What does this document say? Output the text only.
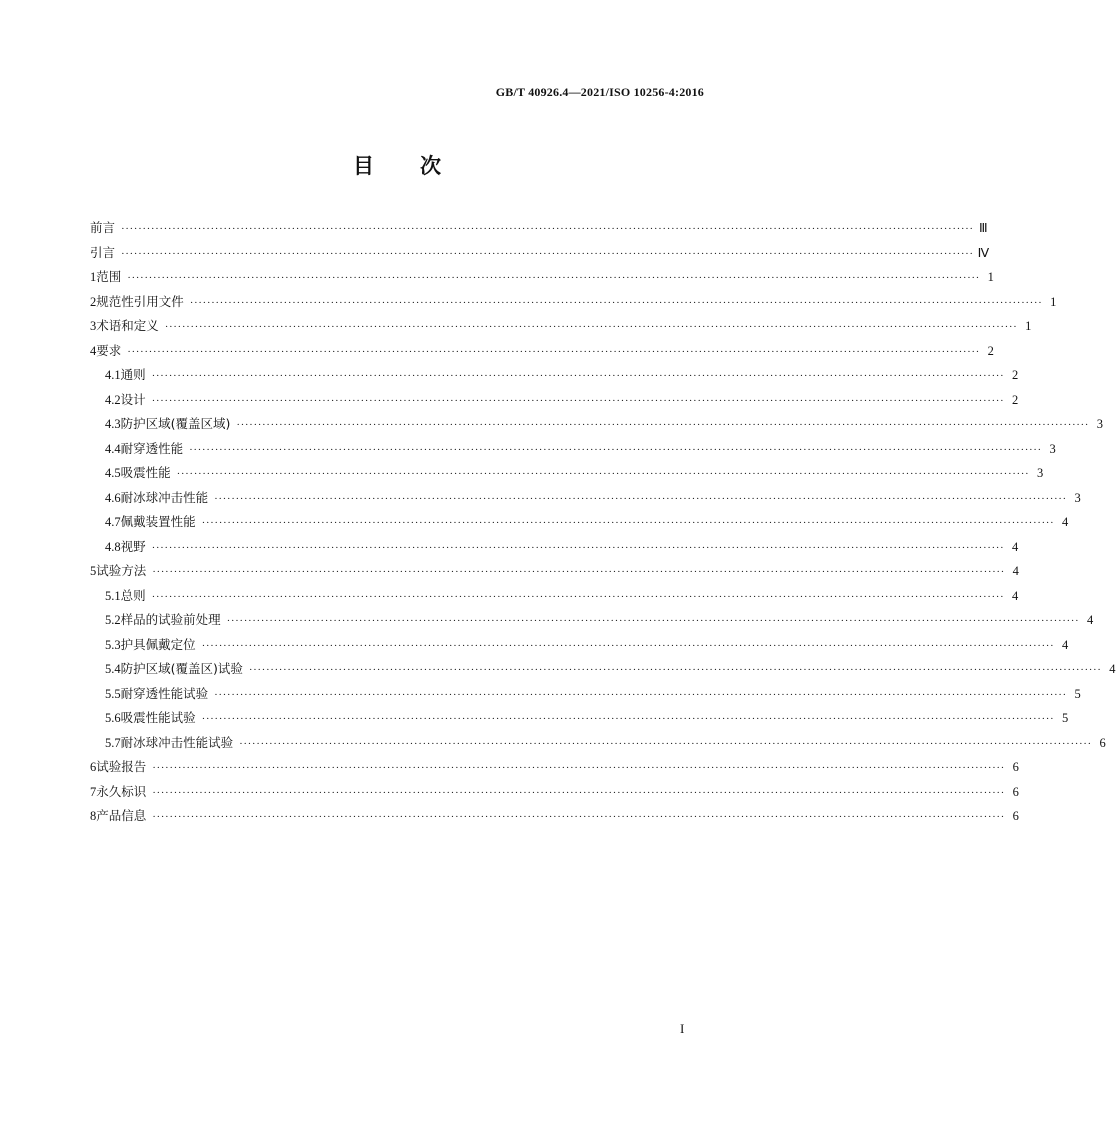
GB/T 40926.4—2021/ISO 10256-4:2016
目 次
前言 ········································································································································································································ Ⅲ
引言 ········································································································································································································ Ⅳ
1 范围 ········································································································································································································ 1
2 规范性引用文件 ········································································································································································································ 1
3 术语和定义 ········································································································································································································ 1
4 要求 ········································································································································································································ 2
4.1 通则 ········································································································································································································ 2
4.2 设计 ········································································································································································································ 2
4.3 防护区域(覆盖区域) ········································································································································································································ 3
4.4 耐穿透性能 ········································································································································································································ 3
4.5 吸震性能 ········································································································································································································ 3
4.6 耐冰球冲击性能 ········································································································································································································ 3
4.7 佩戴装置性能 ········································································································································································································ 4
4.8 视野 ········································································································································································································ 4
5 试验方法 ········································································································································································································ 4
5.1 总则 ········································································································································································································ 4
5.2 样品的试验前处理 ········································································································································································································ 4
5.3 护具佩戴定位 ········································································································································································································ 4
5.4 防护区域(覆盖区)试验 ········································································································································································································ 4
5.5 耐穿透性能试验 ········································································································································································································ 5
5.6 吸震性能试验 ········································································································································································································ 5
5.7 耐冰球冲击性能试验 ········································································································································································································ 6
6 试验报告 ········································································································································································································ 6
7 永久标识 ········································································································································································································ 6
8 产品信息 ········································································································································································································ 6
I
